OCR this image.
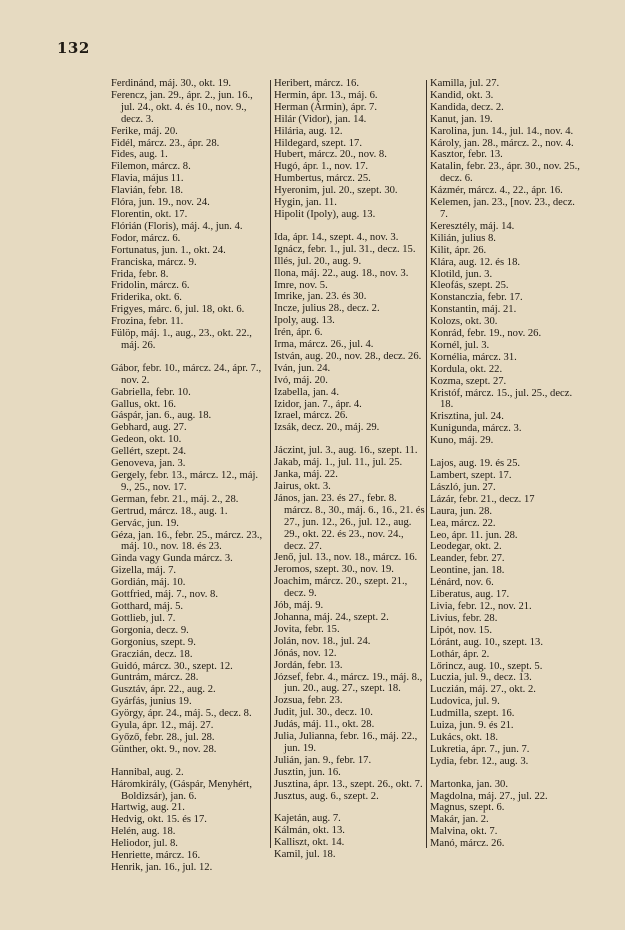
132

Ferdinánd, máj. 30., okt. 19.

Ferencz, jan. 29., ápr. 2., jun. 16., jul. 24., okt. 4. és 10., nov. 9., decz. 3.

Ferike, máj. 20.

Fidél, márcz. 23., ápr. 28.

Fides, aug. 1.

Filemon, márcz. 8.

Flavia, május 11.

Flavián, febr. 18.

Flóra, jun. 19., nov. 24.

Florentin, okt. 17.

Flórián (Floris), máj. 4., jun. 4.

Fodor, márcz. 6.

Fortunatus, jun. 1., okt. 24.

Franciska, márcz. 9.

Frida, febr. 8.

Fridolin, márcz. 6.

Friderika, okt. 6.

Frigyes, márc. 6, jul. 18, okt. 6.

Frozina, febr. 11.

Fülöp, máj. 1., aug., 23., okt. 22., máj. 26.

Gábor, febr. 10., márcz. 24., ápr. 7., nov. 2.

Gabriella, febr. 10.

Gallus, okt. 16.

Gáspár, jan. 6., aug. 18.

Gebhard, aug. 27.

Gedeon, okt. 10.

Gellért, szept. 24.

Genoveva, jan. 3.

Gergely, febr. 13., márcz. 12., máj. 9., 25., nov. 17.

German, febr. 21., máj. 2., 28.

Gertrud, márcz. 18., aug. 1.

Gervác, jun. 19.

Géza, jan. 16., febr. 25., márcz. 23., máj. 10., nov. 18. és 23.

Ginda vagy Gunda márcz. 3.

Gizella, máj. 7.

Gordián, máj. 10.

Gottfried, máj. 7., nov. 8.

Gotthard, máj. 5.

Gottlieb, jul. 7.

Gorgonia, decz. 9.

Gorgonius, szept. 9.

Graczián, decz. 18.

Guidó, márcz. 30., szept. 12.

Guntrám, márcz. 28.

Gusztáv, ápr. 22., aug. 2.

Gyárfás, junius 19.

György, ápr. 24., máj. 5., decz. 8.

Gyula, ápr. 12., máj. 27.

Győző, febr. 28., jul. 28.

Günther, okt. 9., nov. 28.

Hannibal, aug. 2.

Háromkirály, (Gáspár, Menyhért, Boldizsár), jan. 6.

Hartwig, aug. 21.

Hedvig, okt. 15. és 17.

Helén, aug. 18.

Heliodor, jul. 8.

Henriette, márcz. 16.

Henrik, jan. 16., jul. 12.

Heribert, márcz. 16.

Hermin, ápr. 13., máj. 6.

Herman (Ármin), ápr. 7.

Hilár (Vidor), jan. 14.

Hilária, aug. 12.

Hildegard, szept. 17.

Hubert, márcz. 20., nov. 8.

Hugó, ápr. 1., nov. 17.

Humbertus, márcz. 25.

Hyeronim, jul. 20., szept. 30.

Hygin, jan. 11.

Hipolit (Ipoly), aug. 13.

Ida, ápr. 14., szept. 4., nov. 3.

Ignácz, febr. 1., jul. 31., decz. 15.

Illés, jul. 20., aug. 9.

Ilona, máj. 22., aug. 18., nov. 3.

Imre, nov. 5.

Imrike, jan. 23. és 30.

Incze, julius 28., decz. 2.

Ipoly, aug. 13.

Irén, ápr. 6.

Irma, márcz. 26., jul. 4.

István, aug. 20., nov. 28., decz. 26.

Iván, jun. 24.

Ivó, máj. 20.

Izabella, jan. 4.

Izidor, jan. 7., ápr. 4.

Izrael, márcz. 26.

Izsák, decz. 20., máj. 29.

Jáczint, jul. 3., aug. 16., szept. 11.

Jakab, máj. 1., jul. 11., jul. 25.

Janka, máj. 22.

Jairus, okt. 3.

János, jan. 23. és 27., febr. 8. márcz. 8., 30., máj. 6., 16., 21. és 27., jun. 12., 26., jul. 12., aug. 29., okt. 22. és 23., nov. 24., decz. 27.

Jenő, jul. 13., nov. 18., márcz. 16.

Jeromos, szept. 30., nov. 19.

Joachim, márcz. 20., szept. 21., decz. 9.

Jób, máj. 9.

Johanna, máj. 24., szept. 2.

Jovita, febr. 15.

Jolán, nov. 18., jul. 24.

Jónás, nov. 12.

Jordán, febr. 13.

József, febr. 4., márcz. 19., máj. 8., jun. 20., aug. 27., szept. 18.

Jozsua, febr. 23.

Judit, jul. 30., decz. 10.

Judás, máj. 11., okt. 28.

Julia, Julianna, febr. 16., máj. 22., jun. 19.

Julián, jan. 9., febr. 17.

Jusztin, jun. 16.

Jusztina, ápr. 13., szept. 26., okt. 7.

Jusztus, aug. 6., szept. 2.

Kajetán, aug. 7.

Kálmán, okt. 13.

Kalliszt, okt. 14.

Kamil, jul. 18.

Kamilla, jul. 27.

Kandid, okt. 3.

Kandida, decz. 2.

Kanut, jan. 19.

Karolina, jun. 14., jul. 14., nov. 4.

Károly, jan. 28., márcz. 2., nov. 4.

Kasztor, febr. 13.

Katalin, febr. 23., ápr. 30., nov. 25., decz. 6.

Kázmér, márcz. 4., 22., ápr. 16.

Kelemen, jan. 23., [nov. 23., decz. 7.

Keresztély, máj. 14.

Kilián, julius 8.

Kilit, ápr. 26.

Klára, aug. 12. és 18.

Klotild, jun. 3.

Kleofás, szept. 25.

Konstanczia, febr. 17.

Konstantin, máj. 21.

Kolozs, okt. 30.

Konrád, febr. 19., nov. 26.

Kornél, jul. 3.

Kornélia, márcz. 31.

Kordula, okt. 22.

Kozma, szept. 27.

Kristóf, márcz. 15., jul. 25., decz. 18.

Krisztina, jul. 24.

Kunigunda, márcz. 3.

Kuno, máj. 29.

Lajos, aug. 19. és 25.

Lambert, szept. 17.

László, jun. 27.

Lázár, febr. 21., decz. 17

Laura, jun. 28.

Lea, márcz. 22.

Leo, ápr. 11. jun. 28.

Leodegar, okt. 2.

Leander, febr. 27.

Leontine, jan. 18.

Lénárd, nov. 6.

Liberatus, aug. 17.

Livia, febr. 12., nov. 21.

Livius, febr. 28.

Lipót, nov. 15.

Lóránt, aug. 10., szept. 13.

Lothár, ápr. 2.

Lőrincz, aug. 10., szept. 5.

Luczia, jul. 9., decz. 13.

Luczián, máj. 27., okt. 2.

Ludovica, jul. 9.

Ludmilla, szept. 16.

Luiza, jun. 9. és 21.

Lukács, okt. 18.

Lukretia, ápr. 7., jun. 7.

Lydia, febr. 12., aug. 3.

Martonka, jan. 30.

Magdolna, máj. 27., jul. 22.

Magnus, szept. 6.

Makár, jan. 2.

Malvina, okt. 7.

Manó, márcz. 26.
